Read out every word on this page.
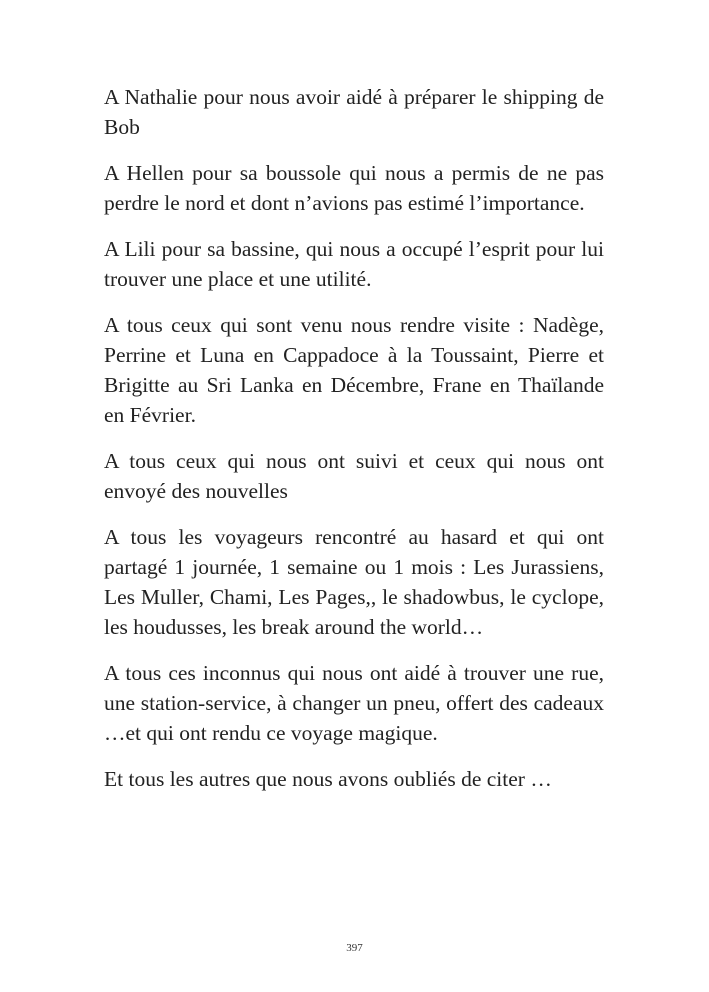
A Nathalie pour nous avoir aidé à préparer le shipping de Bob

A Hellen pour sa boussole qui nous a permis de ne pas perdre le nord et dont n’avions pas estimé l’importance.

A Lili pour sa bassine, qui nous a occupé l’esprit pour lui trouver une place et une utilité.

A tous ceux qui sont venu nous rendre visite : Nadège, Perrine et Luna en Cappadoce à la Toussaint, Pierre et Brigitte au Sri Lanka en Décembre, Frane en Thaïlande en Février.

A tous ceux qui nous ont suivi et ceux qui nous ont envoyé des nouvelles

A tous les voyageurs rencontré au hasard et qui ont partagé 1 journée, 1 semaine ou 1 mois : Les Jurassiens, Les Muller, Chami, Les Pages,, le shadowbus, le cyclope, les houdusses, les break around the world…

A tous ces inconnus qui nous ont aidé à trouver une rue, une station-service, à changer un pneu, offert des cadeaux …et qui ont rendu ce voyage magique.

Et tous les autres que nous avons oubliés de citer …

397
